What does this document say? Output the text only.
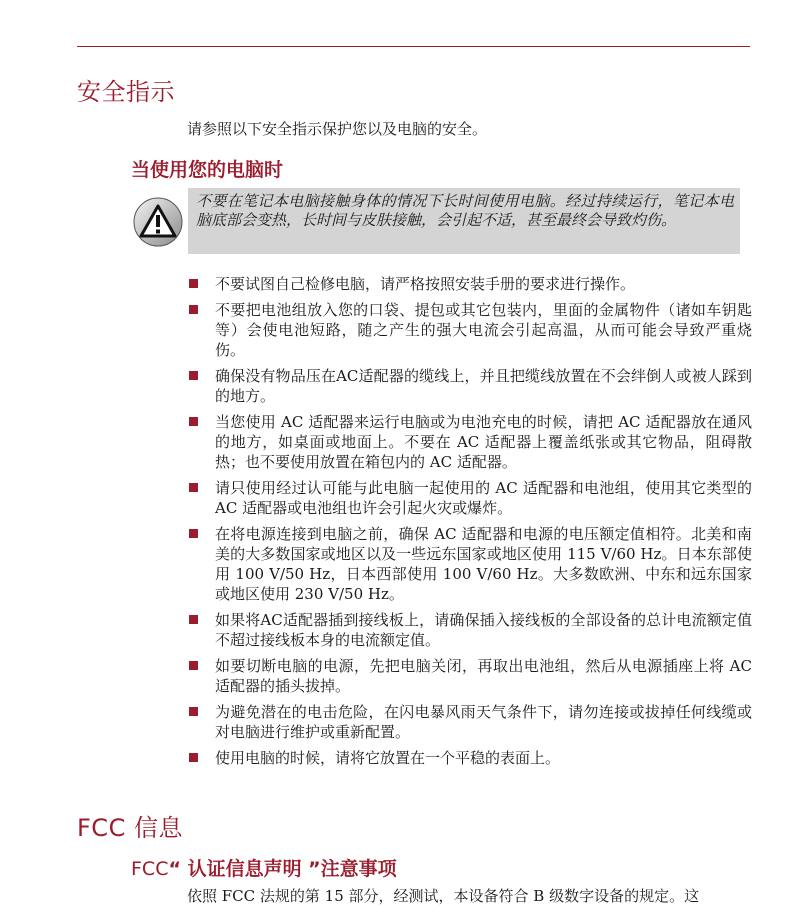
安全指示

请参照以下安全指示保护您以及电脑的安全。

当使用您的电脑时
不要在笔记本电脑接触身体的情况下长时间使用电脑。经过持续运行，笔记本电脑底部会变热，长时间与皮肤接触，会引起不适，甚至最终会导致灼伤。
不要试图自己检修电脑，请严格按照安装手册的要求进行操作。
不要把电池组放入您的口袋、提包或其它包装内，里面的金属物件（诸如车钥匙等）会使电池短路，随之产生的强大电流会引起高温，从而可能会导致严重烧伤。
确保没有物品压在AC适配器的缆线上，并且把缆线放置在不会绊倒人或被人踩到的地方。
当您使用 AC 适配器来运行电脑或为电池充电的时候，请把 AC 适配器放在通风的地方，如桌面或地面上。不要在 AC 适配器上覆盖纸张或其它物品，阻碍散热；也不要使用放置在箱包内的 AC 适配器。
请只使用经过认可能与此电脑一起使用的 AC 适配器和电池组，使用其它类型的 AC 适配器或电池组也许会引起火灾或爆炸。
在将电源连接到电脑之前，确保 AC 适配器和电源的电压额定值相符。北美和南美的大多数国家或地区以及一些远东国家或地区使用 115 V/60 Hz。日本东部使用 100 V/50 Hz，日本西部使用 100 V/60 Hz。大多数欧洲、中东和远东国家或地区使用 230 V/50 Hz。
如果将AC适配器插到接线板上，请确保插入接线板的全部设备的总计电流额定值不超过接线板本身的电流额定值。
如要切断电脑的电源，先把电脑关闭，再取出电池组，然后从电源插座上将 AC 适配器的插头拔掉。
为避免潜在的电击危险，在闪电暴风雨天气条件下，请勿连接或拔掉任何线缆或对电脑进行维护或重新配置。
使用电脑的时候，请将它放置在一个平稳的表面上。
FCC 信息
FCC“ 认证信息声明 ”注意事项

依照 FCC 法规的第 15 部分，经测试，本设备符合 B 级数字设备的规定。这
